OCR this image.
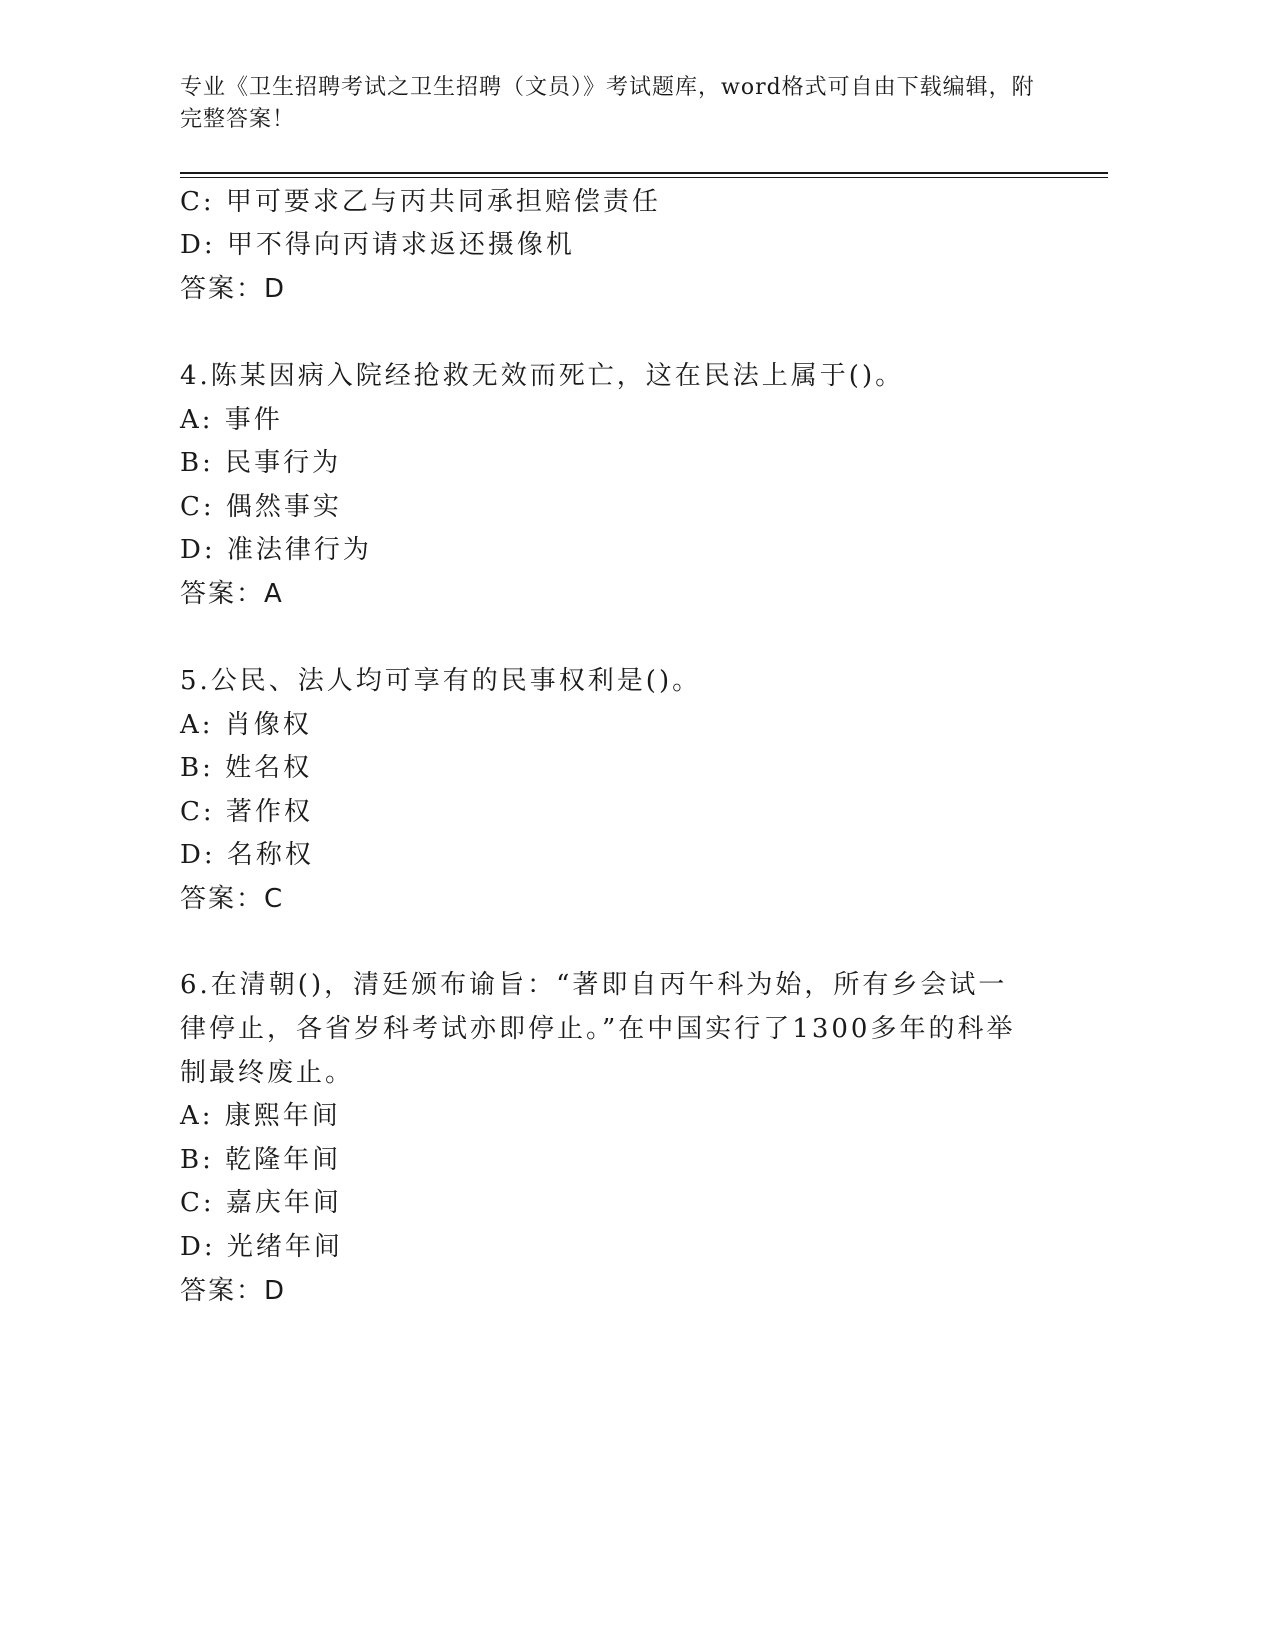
专业《卫生招聘考试之卫生招聘（文员）》考试题库，word格式可自由下载编辑，附完整答案！
C: 甲可要求乙与丙共同承担赔偿责任
D: 甲不得向丙请求返还摄像机
答案：D
4.陈某因病入院经抢救无效而死亡，这在民法上属于()。
A: 事件
B: 民事行为
C: 偶然事实
D: 准法律行为
答案：A
5.公民、法人均可享有的民事权利是()。
A: 肖像权
B: 姓名权
C: 著作权
D: 名称权
答案：C
6.在清朝()，清廷颁布谕旨：“著即自丙午科为始，所有乡会试一律停止，各省岁科考试亦即停止。”在中国实行了1300多年的科举制最终废止。
A: 康熙年间
B: 乾隆年间
C: 嘉庆年间
D: 光绪年间
答案：D
